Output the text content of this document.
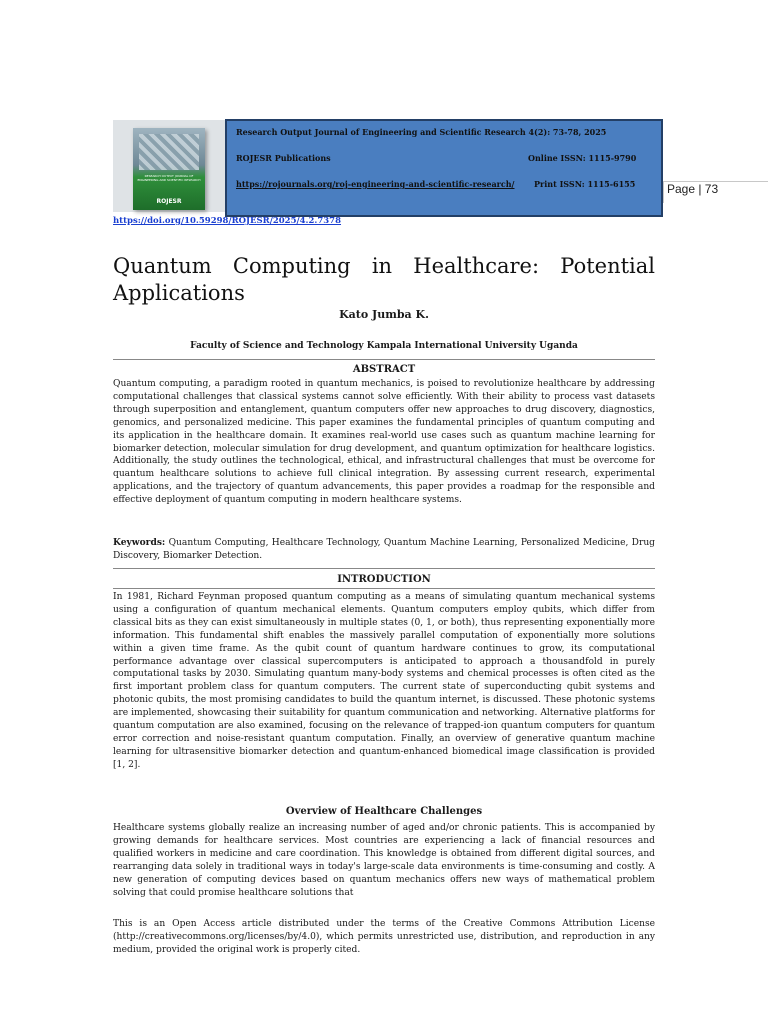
RESEARCH OUTPUT JOURNAL OF ENGINEERING AND SCIENTIFIC RESEARCH
ROJESR
Research Output Journal of Engineering and Scientific Research 4(2): 73-78, 2025
ROJESR Publications	Online ISSN: 1115-9790
https://rojournals.org/roj-engineering-and-scientific-research/ Print ISSN: 1115-6155	Page | 73
https://doi.org/10.59298/ROJESR/2025/4.2.7378
Quantum Computing in Healthcare: Potential Applications
Kato Jumba K.
Faculty of Science and Technology Kampala International University Uganda
ABSTRACT

Quantum computing, a paradigm rooted in quantum mechanics, is poised to revolutionize healthcare by addressing computational challenges that classical systems cannot solve efficiently. With their ability to process vast datasets through superposition and entanglement, quantum computers offer new approaches to drug discovery, diagnostics, genomics, and personalized medicine. This paper examines the fundamental principles of quantum computing and its application in the healthcare domain. It examines real-world use cases such as quantum machine learning for biomarker detection, molecular simulation for drug development, and quantum optimization for healthcare logistics. Additionally, the study outlines the technological, ethical, and infrastructural challenges that must be overcome for quantum healthcare solutions to achieve full clinical integration. By assessing current research, experimental applications, and the trajectory of quantum advancements, this paper provides a roadmap for the responsible and effective deployment of quantum computing in modern healthcare systems.

Keywords: Quantum Computing, Healthcare Technology, Quantum Machine Learning, Personalized Medicine, Drug Discovery, Biomarker Detection.

INTRODUCTION

In 1981, Richard Feynman proposed quantum computing as a means of simulating quantum mechanical systems using a configuration of quantum mechanical elements. Quantum computers employ qubits, which differ from classical bits as they can exist simultaneously in multiple states (0, 1, or both), thus representing exponentially more information. This fundamental shift enables the massively parallel computation of exponentially more solutions within a given time frame. As the qubit count of quantum hardware continues to grow, its computational performance advantage over classical supercomputers is anticipated to approach a thousandfold in purely computational tasks by 2030. Simulating quantum many-body systems and chemical processes is often cited as the first important problem class for quantum computers. The current state of superconducting qubit systems and photonic qubits, the most promising candidates to build the quantum internet, is discussed. These photonic systems are implemented, showcasing their suitability for quantum communication and networking. Alternative platforms for quantum computation are also examined, focusing on the relevance of trapped-ion quantum computers for quantum error correction and noise-resistant quantum computation. Finally, an overview of generative quantum machine learning for ultrasensitive biomarker detection and quantum-enhanced biomedical image classification is provided [1, 2].

Overview of Healthcare Challenges

Healthcare systems globally realize an increasing number of aged and/or chronic patients. This is accompanied by growing demands for healthcare services. Most countries are experiencing a lack of financial resources and qualified workers in medicine and care coordination. This knowledge is obtained from different digital sources, and rearranging data solely in traditional ways in today's large-scale data environments is time-consuming and costly. A new generation of computing devices based on quantum mechanics offers new ways of mathematical problem solving that could promise healthcare solutions that

This is an Open Access article distributed under the terms of the Creative Commons Attribution License (http://creativecommons.org/licenses/by/4.0), which permits unrestricted use, distribution, and reproduction in any medium, provided the original work is properly cited.
